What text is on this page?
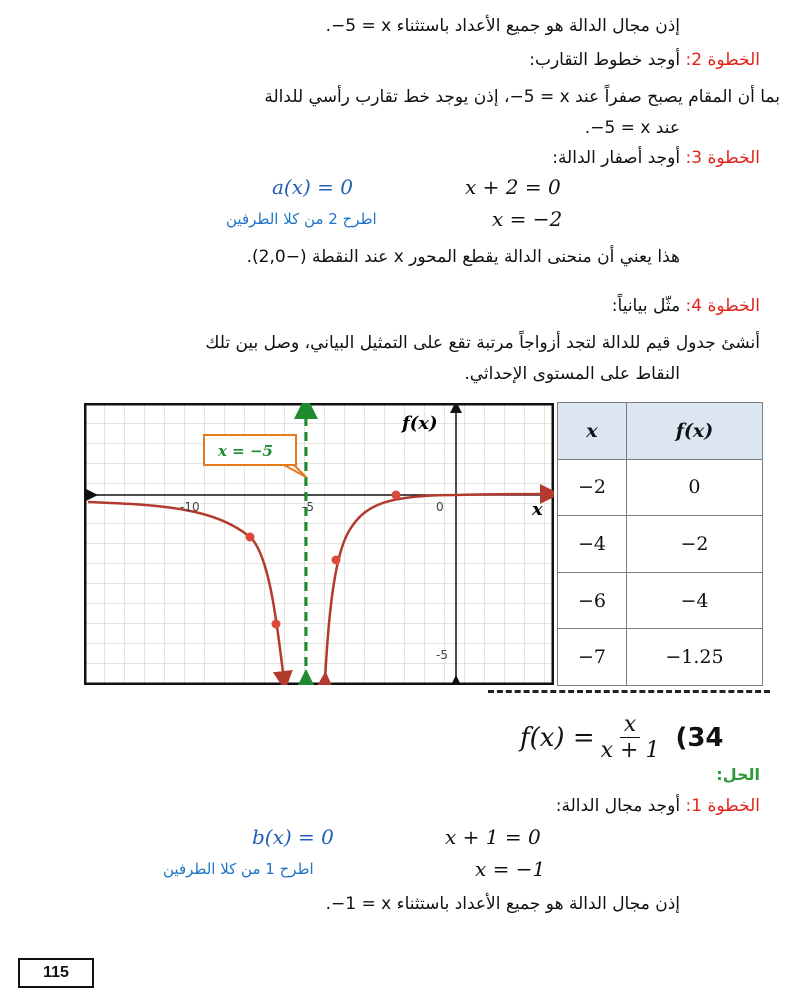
إذن مجال الدالة هو جميع الأعداد باستثناء ‎−5 = x‎.
الخطوة 2: أوجد خطوط التقارب:
بما أن المقام يصبح صفراً عند ‎−5 = x‎، إذن يوجد خط تقارب رأسي للدالة
عند ‎−5 = x‎.
الخطوة 3: أوجد أصفار الدالة:
a(x) = 0	x + 2 = 0
اطرح 2 من كلا الطرفين	x = −2
هذا يعني أن منحنى الدالة يقطع المحور x عند النقطة (−2,0).
الخطوة 4: مثّل بيانياً:
أنشئ جدول قيم للدالة لتجد أزواجاً مرتبة تقع على التمثيل البياني، وصل بين تلك
النقاط على المستوى الإحداثي.
-10	-5	0
-5
x
f(x)
x = −5
x	f(x)
−2	0
−4	−2
−6	−4
−7	−1.25
$f(x) = \frac{x}{x + 1} (34$
الحل:
الخطوة 1: أوجد مجال الدالة:
b(x) = 0	x + 1 = 0
اطرح 1 من كلا الطرفين	x = −1
إذن مجال الدالة هو جميع الأعداد باستثناء ‎−1 = x‎.
115
